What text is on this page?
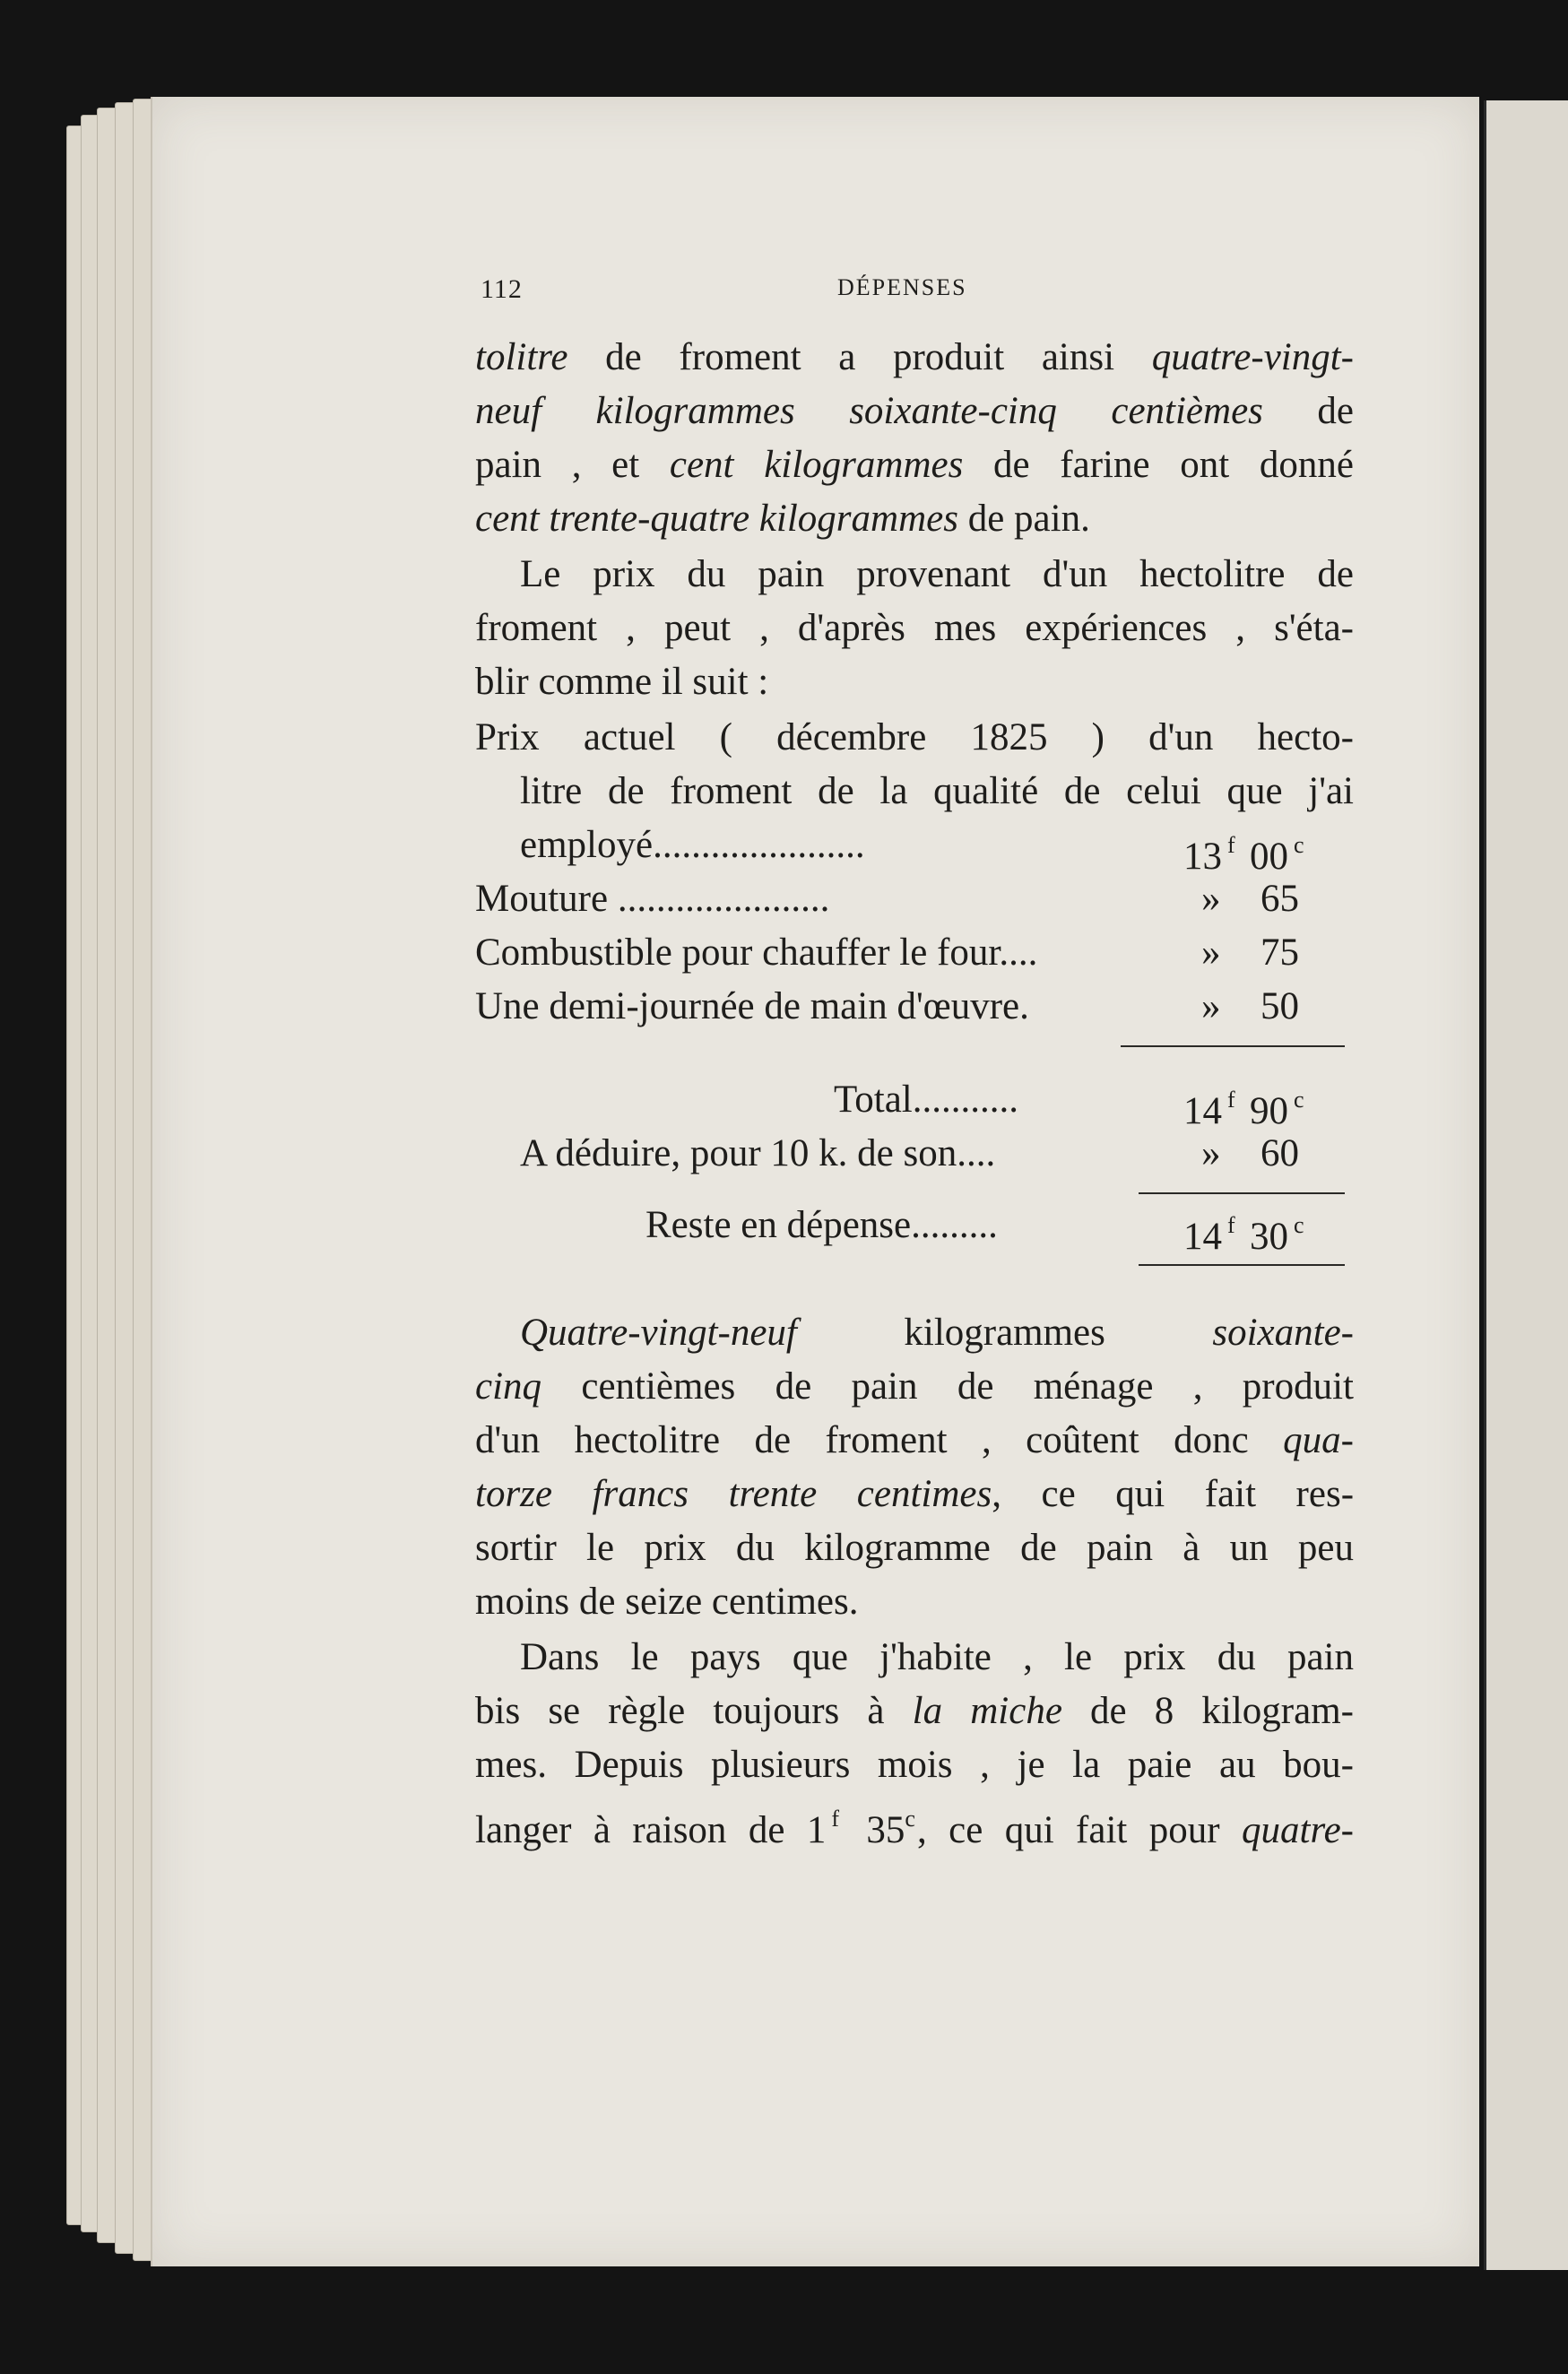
112	DÉPENSES
tolitre de froment a produit ainsi quatre-vingt-
neuf kilogrammes soixante-cinq centièmes de
pain , et cent kilogrammes de farine ont donné
cent trente-quatre kilogrammes de pain.
Le prix du pain provenant d'un hectolitre de
froment , peut , d'après mes expériences , s'éta-
blir comme il suit :
Prix actuel ( décembre 1825 ) d'un hecto-
litre de froment de la qualité de celui que j'ai
employé......................	13 $^f$ 00 $^c$
Mouture ......................	» 65
Combustible pour chauffer le four....	» 75
Une demi-journée de main d'œuvre.	» 50
Total...........	14 $^f$ 90 $^c$
A déduire, pour 10 k. de son....	» 60
Reste en dépense.........	14 $^f$ 30 $^c$
Quatre-vingt-neuf kilogrammes soixante-
cinq centièmes de pain de ménage , produit
d'un hectolitre de froment , coûtent donc qua-
torze francs trente centimes, ce qui fait res-
sortir le prix du kilogramme de pain à un peu
moins de seize centimes.
Dans le pays que j'habite , le prix du pain
bis se règle toujours à la miche de 8 kilogram-
mes. Depuis plusieurs mois , je la paie au bou-
langer à raison de 1 $^f$ 35$^c$, ce qui fait pour quatre-
